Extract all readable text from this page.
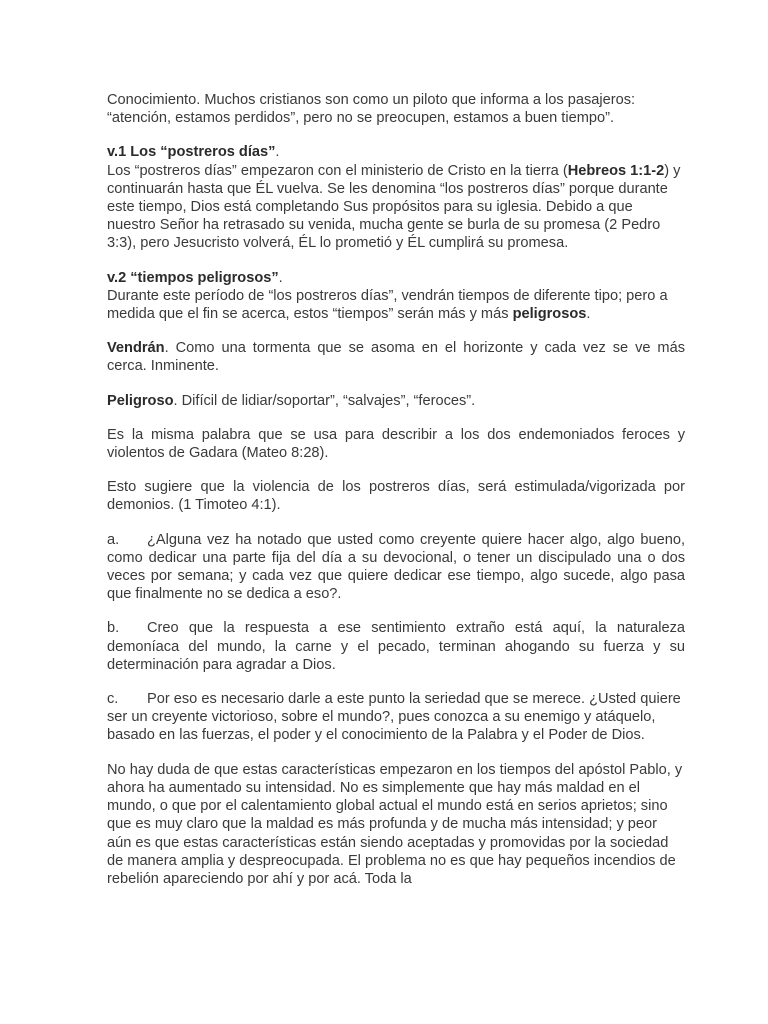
Conocimiento. Muchos cristianos son como un piloto que informa a los pasajeros:
“atención, estamos perdidos”, pero no se preocupen, estamos a buen tiempo”.

v.1 Los “postreros días”.
Los “postreros días” empezaron con el ministerio de Cristo en la tierra (Hebreos 1:1-2) y continuarán hasta que ÉL vuelva. Se les denomina “los postreros días” porque durante este tiempo, Dios está completando Sus propósitos para su iglesia. Debido a que nuestro Señor ha retrasado su venida, mucha gente se burla de su promesa (2 Pedro 3:3), pero Jesucristo volverá, ÉL lo prometió y ÉL cumplirá su promesa.
v.2 “tiempos peligrosos”.
Durante este período de “los postreros días”, vendrán tiempos de diferente tipo; pero a medida que el fin se acerca, estos “tiempos” serán más y más peligrosos.

Vendrán. Como una tormenta que se asoma en el horizonte y cada vez se ve más cerca. Inminente.

Peligroso. Difícil de lidiar/soportar”, “salvajes”, “feroces”.

Es la misma palabra que se usa para describir a los dos endemoniados feroces y violentos de Gadara (Mateo 8:28).

Esto sugiere que la violencia de los postreros días, será estimulada/vigorizada por demonios. (1 Timoteo 4:1).

a. ¿Alguna vez ha notado que usted como creyente quiere hacer algo, algo bueno, como dedicar una parte fija del día a su devocional, o tener un discipulado una o dos veces por semana; y cada vez que quiere dedicar ese tiempo, algo sucede, algo pasa que finalmente no se dedica a eso?.

b. Creo que la respuesta a ese sentimiento extraño está aquí, la naturaleza demoníaca del mundo, la carne y el pecado, terminan ahogando su fuerza y su determinación para agradar a Dios.

c. Por eso es necesario darle a este punto la seriedad que se merece. ¿Usted quiere ser un creyente victorioso, sobre el mundo?, pues conozca a su enemigo y atáquelo, basado en las fuerzas, el poder y el conocimiento de la Palabra y el Poder de Dios.

No hay duda de que estas características empezaron en los tiempos del apóstol Pablo, y ahora ha aumentado su intensidad. No es simplemente que hay más maldad en el mundo, o que por el calentamiento global actual el mundo está en serios aprietos; sino que es muy claro que la maldad es más profunda y de mucha más intensidad; y peor aún es que estas características están siendo aceptadas y promovidas por la sociedad de manera amplia y despreocupada. El problema no es que hay pequeños incendios de rebelión apareciendo por ahí y por acá. Toda la
